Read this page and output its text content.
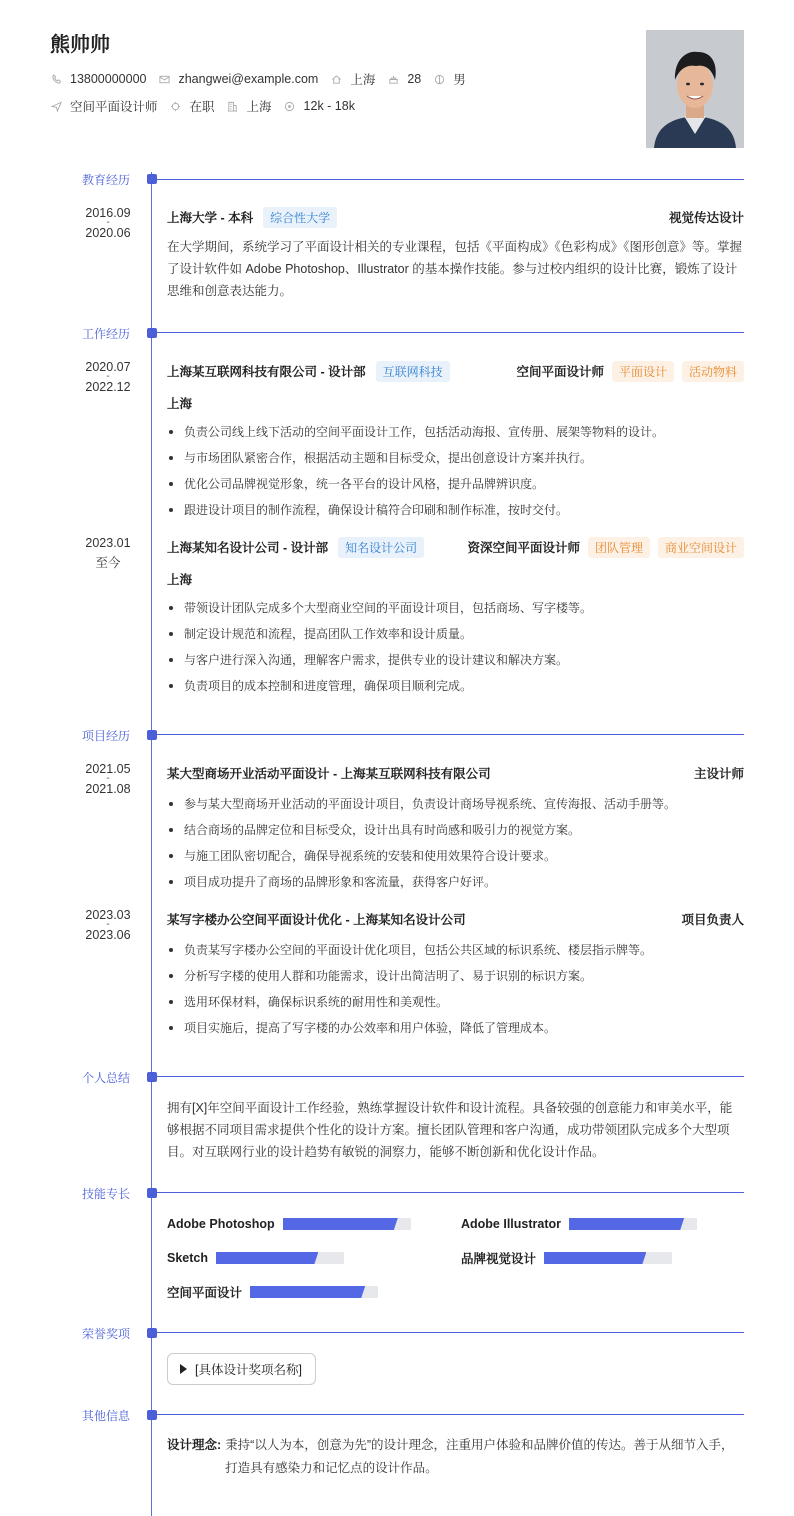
熊帅帅
13800000000	zhangwei@example.com	上海	28	男
空间平面设计师	在职	上海	12k - 18k
教育经历
2016.09
-
2020.06
上海大学 - 本科	综合性大学	视觉传达设计
在大学期间，系统学习了平面设计相关的专业课程，包括《平面构成》《色彩构成》《图形创意》等。掌握了设计软件如 Adobe Photoshop、Illustrator 的基本操作技能。参与过校内组织的设计比赛，锻炼了设计思维和创意表达能力。
工作经历
2020.07
-
2022.12
上海某互联网科技有限公司 - 设计部	互联网科技	空间平面设计师	平面设计	活动物料
上海
负责公司线上线下活动的空间平面设计工作，包括活动海报、宣传册、展架等物料的设计。
与市场团队紧密合作，根据活动主题和目标受众，提出创意设计方案并执行。
优化公司品牌视觉形象，统一各平台的设计风格，提升品牌辨识度。
跟进设计项目的制作流程，确保设计稿符合印刷和制作标准，按时交付。
2023.01
至今
上海某知名设计公司 - 设计部	知名设计公司	资深空间平面设计师	团队管理	商业空间设计
上海
带领设计团队完成多个大型商业空间的平面设计项目，包括商场、写字楼等。
制定设计规范和流程，提高团队工作效率和设计质量。
与客户进行深入沟通，理解客户需求，提供专业的设计建议和解决方案。
负责项目的成本控制和进度管理，确保项目顺利完成。
项目经历
2021.05
-
2021.08
某大型商场开业活动平面设计 - 上海某互联网科技有限公司	主设计师
参与某大型商场开业活动的平面设计项目，负责设计商场导视系统、宣传海报、活动手册等。
结合商场的品牌定位和目标受众，设计出具有时尚感和吸引力的视觉方案。
与施工团队密切配合，确保导视系统的安装和使用效果符合设计要求。
项目成功提升了商场的品牌形象和客流量，获得客户好评。
2023.03
-
2023.06
某写字楼办公空间平面设计优化 - 上海某知名设计公司	项目负责人
负责某写字楼办公空间的平面设计优化项目，包括公共区域的标识系统、楼层指示牌等。
分析写字楼的使用人群和功能需求，设计出简洁明了、易于识别的标识方案。
选用环保材料，确保标识系统的耐用性和美观性。
项目实施后，提高了写字楼的办公效率和用户体验，降低了管理成本。
个人总结
拥有[X]年空间平面设计工作经验，熟练掌握设计软件和设计流程。具备较强的创意能力和审美水平，能够根据不同项目需求提供个性化的设计方案。擅长团队管理和客户沟通，成功带领团队完成多个大型项目。对互联网行业的设计趋势有敏锐的洞察力，能够不断创新和优化设计作品。
技能专长
Adobe Photoshop	Adobe Illustrator
Sketch	品牌视觉设计
空间平面设计
荣誉奖项
[具体设计奖项名称]
其他信息
设计理念: 秉持“以人为本，创意为先”的设计理念，注重用户体验和品牌价值的传达。善于从细节入手，打造具有感染力和记忆点的设计作品。
